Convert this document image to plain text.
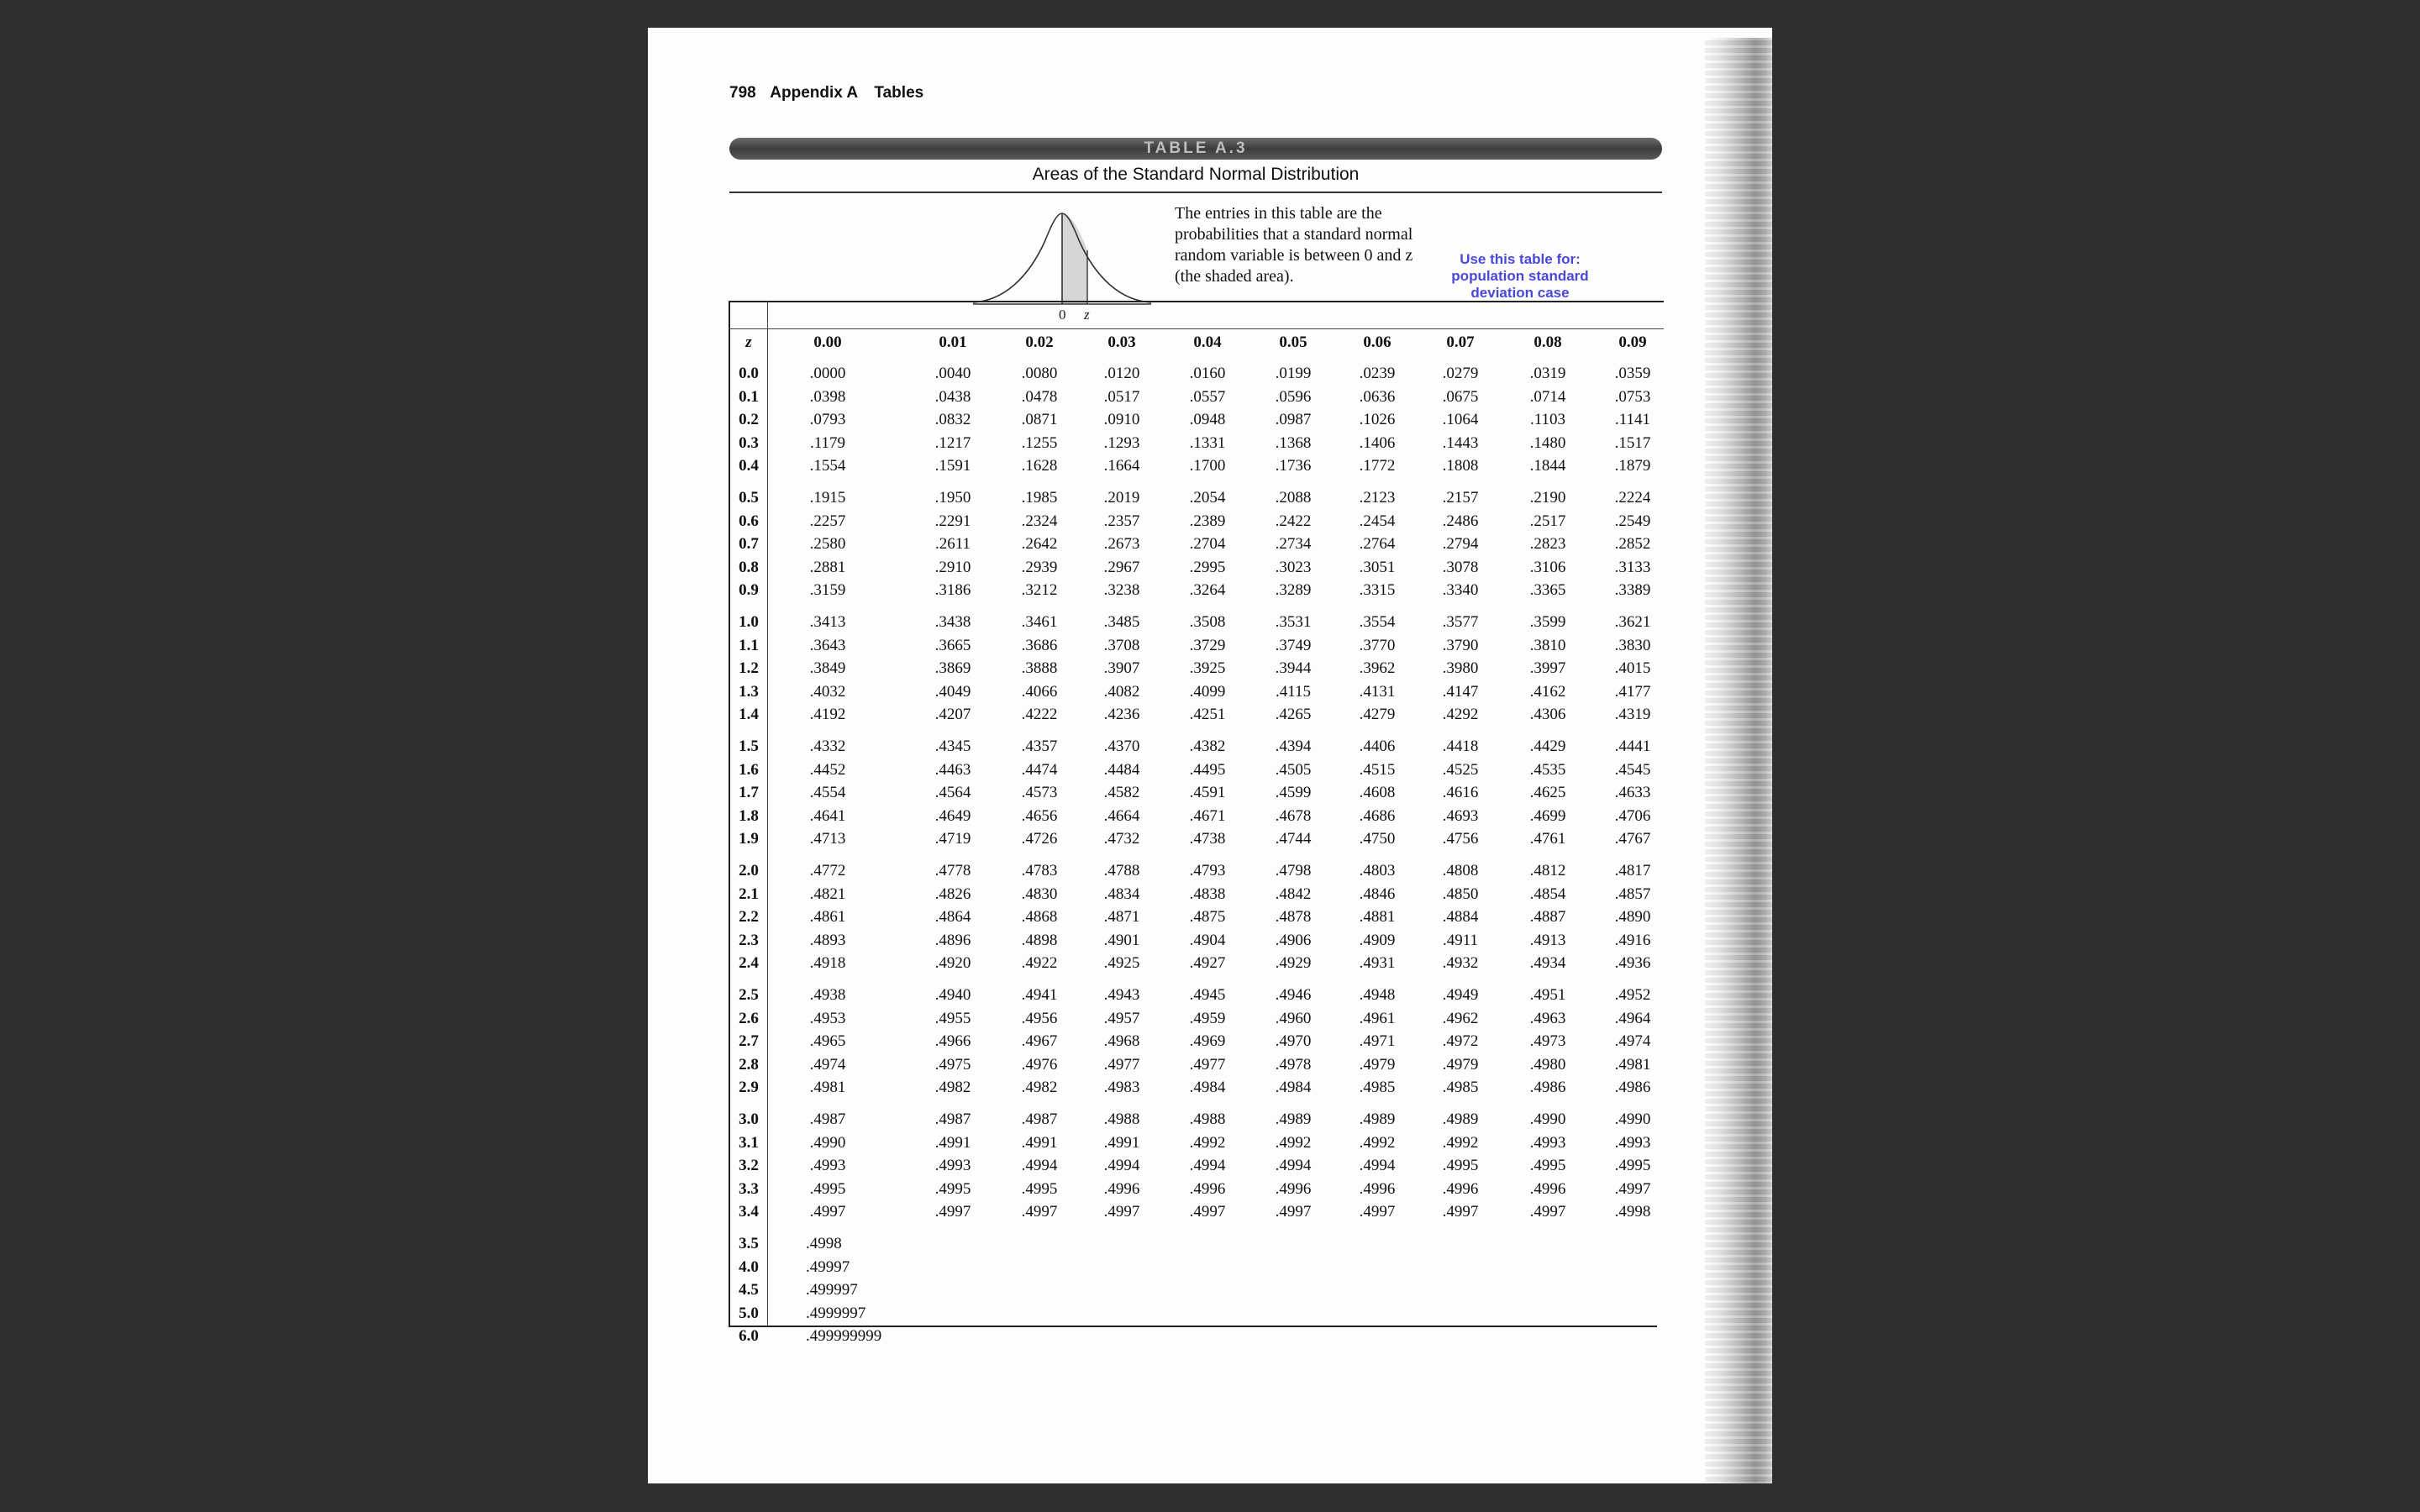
798 Appendix A Tables
TABLE A.3
Areas of the Standard Normal Distribution
0 z
The entries in this table are the probabilities that a standard normal random variable is between 0 and z (the shaded area).
Use this table for: population standard deviation case
z	0.00	0.01	0.02	0.03	0.04	0.05	0.06	0.07	0.08	0.09
0.0	.0000	.0040	.0080	.0120	.0160	.0199	.0239	.0279	.0319	.0359
0.1	.0398	.0438	.0478	.0517	.0557	.0596	.0636	.0675	.0714	.0753
0.2	.0793	.0832	.0871	.0910	.0948	.0987	.1026	.1064	.1103	.1141
0.3	.1179	.1217	.1255	.1293	.1331	.1368	.1406	.1443	.1480	.1517
0.4	.1554	.1591	.1628	.1664	.1700	.1736	.1772	.1808	.1844	.1879
0.5	.1915	.1950	.1985	.2019	.2054	.2088	.2123	.2157	.2190	.2224
0.6	.2257	.2291	.2324	.2357	.2389	.2422	.2454	.2486	.2517	.2549
0.7	.2580	.2611	.2642	.2673	.2704	.2734	.2764	.2794	.2823	.2852
0.8	.2881	.2910	.2939	.2967	.2995	.3023	.3051	.3078	.3106	.3133
0.9	.3159	.3186	.3212	.3238	.3264	.3289	.3315	.3340	.3365	.3389
1.0	.3413	.3438	.3461	.3485	.3508	.3531	.3554	.3577	.3599	.3621
1.1	.3643	.3665	.3686	.3708	.3729	.3749	.3770	.3790	.3810	.3830
1.2	.3849	.3869	.3888	.3907	.3925	.3944	.3962	.3980	.3997	.4015
1.3	.4032	.4049	.4066	.4082	.4099	.4115	.4131	.4147	.4162	.4177
1.4	.4192	.4207	.4222	.4236	.4251	.4265	.4279	.4292	.4306	.4319
1.5	.4332	.4345	.4357	.4370	.4382	.4394	.4406	.4418	.4429	.4441
1.6	.4452	.4463	.4474	.4484	.4495	.4505	.4515	.4525	.4535	.4545
1.7	.4554	.4564	.4573	.4582	.4591	.4599	.4608	.4616	.4625	.4633
1.8	.4641	.4649	.4656	.4664	.4671	.4678	.4686	.4693	.4699	.4706
1.9	.4713	.4719	.4726	.4732	.4738	.4744	.4750	.4756	.4761	.4767
2.0	.4772	.4778	.4783	.4788	.4793	.4798	.4803	.4808	.4812	.4817
2.1	.4821	.4826	.4830	.4834	.4838	.4842	.4846	.4850	.4854	.4857
2.2	.4861	.4864	.4868	.4871	.4875	.4878	.4881	.4884	.4887	.4890
2.3	.4893	.4896	.4898	.4901	.4904	.4906	.4909	.4911	.4913	.4916
2.4	.4918	.4920	.4922	.4925	.4927	.4929	.4931	.4932	.4934	.4936
2.5	.4938	.4940	.4941	.4943	.4945	.4946	.4948	.4949	.4951	.4952
2.6	.4953	.4955	.4956	.4957	.4959	.4960	.4961	.4962	.4963	.4964
2.7	.4965	.4966	.4967	.4968	.4969	.4970	.4971	.4972	.4973	.4974
2.8	.4974	.4975	.4976	.4977	.4977	.4978	.4979	.4979	.4980	.4981
2.9	.4981	.4982	.4982	.4983	.4984	.4984	.4985	.4985	.4986	.4986
3.0	.4987	.4987	.4987	.4988	.4988	.4989	.4989	.4989	.4990	.4990
3.1	.4990	.4991	.4991	.4991	.4992	.4992	.4992	.4992	.4993	.4993
3.2	.4993	.4993	.4994	.4994	.4994	.4994	.4994	.4995	.4995	.4995
3.3	.4995	.4995	.4995	.4996	.4996	.4996	.4996	.4996	.4996	.4997
3.4	.4997	.4997	.4997	.4997	.4997	.4997	.4997	.4997	.4997	.4998
3.5	.4998
4.0	.49997
4.5	.499997
5.0	.4999997
6.0	.499999999
